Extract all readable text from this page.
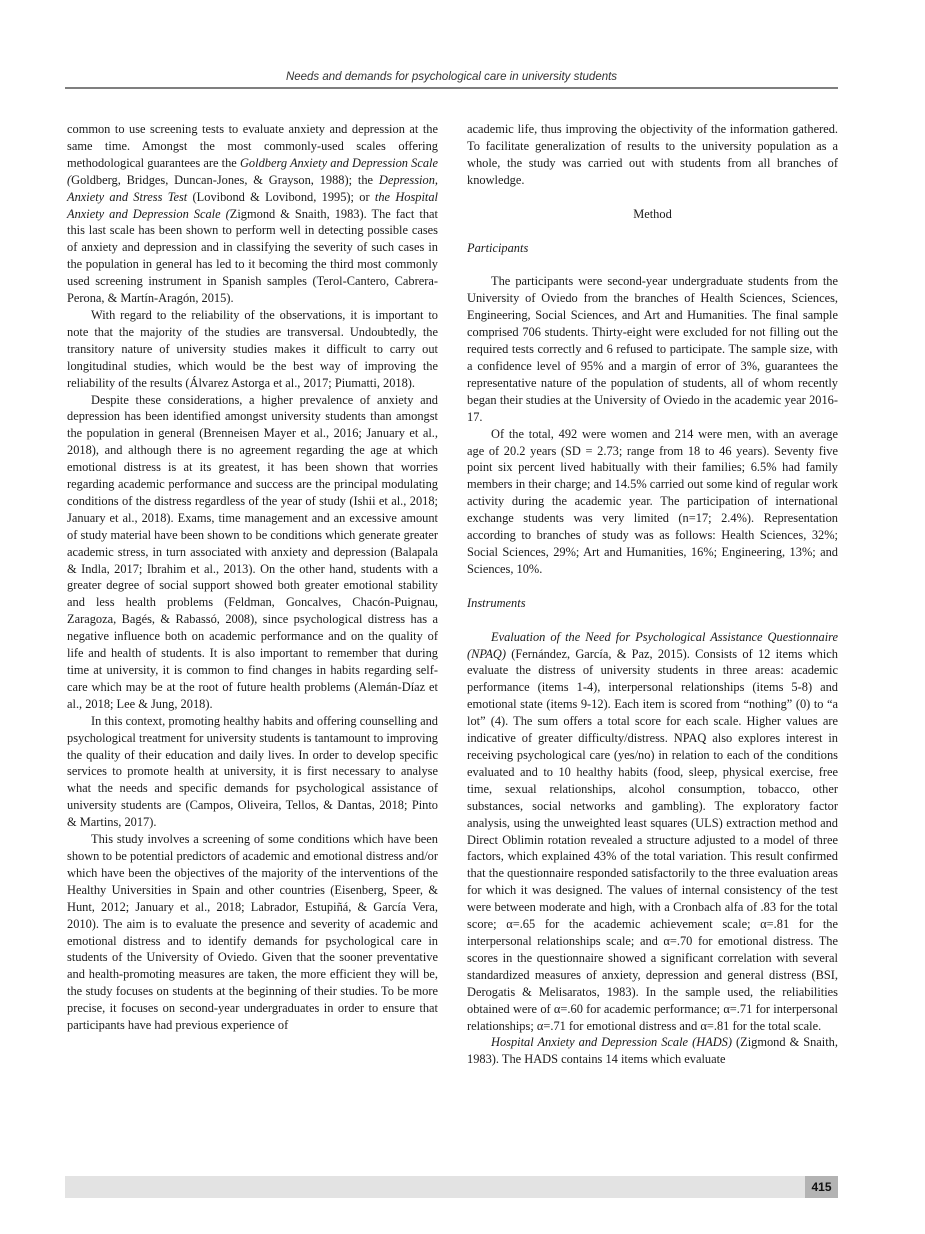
Needs and demands for psychological care in university students

common to use screening tests to evaluate anxiety and depression at the same time. Amongst the most commonly-used scales offering methodological guarantees are the Goldberg Anxiety and Depression Scale (Goldberg, Bridges, Duncan-Jones, & Grayson, 1988); the Depression, Anxiety and Stress Test (Lovibond & Lovibond, 1995); or the Hospital Anxiety and Depression Scale (Zigmond & Snaith, 1983). The fact that this last scale has been shown to perform well in detecting possible cases of anxiety and depression and in classifying the severity of such cases in the population in general has led to it becoming the third most commonly used screening instrument in Spanish samples (Terol-Cantero, Cabrera-Perona, & Martín-Aragón, 2015).

With regard to the reliability of the observations, it is important to note that the majority of the studies are transversal. Undoubtedly, the transitory nature of university studies makes it difficult to carry out longitudinal studies, which would be the best way of improving the reliability of the results (Álvarez Astorga et al., 2017; Piumatti, 2018).

Despite these considerations, a higher prevalence of anxiety and depression has been identified amongst university students than amongst the population in general (Brenneisen Mayer et al., 2016; January et al., 2018), and although there is no agreement regarding the age at which emotional distress is at its greatest, it has been shown that worries regarding academic performance and success are the principal modulating conditions of the distress regardless of the year of study (Ishii et al., 2018; January et al., 2018). Exams, time management and an excessive amount of study material have been shown to be conditions which generate greater academic stress, in turn associated with anxiety and depression (Balapala & Indla, 2017; Ibrahim et al., 2013). On the other hand, students with a greater degree of social support showed both greater emotional stability and less health problems (Feldman, Goncalves, Chacón-Puignau, Zaragoza, Bagés, & Rabassó, 2008), since psychological distress has a negative influence both on academic performance and on the quality of life and health of students. It is also important to remember that during time at university, it is common to find changes in habits regarding self-care which may be at the root of future health problems (Alemán-Díaz et al., 2018; Lee & Jung, 2018).

In this context, promoting healthy habits and offering counselling and psychological treatment for university students is tantamount to improving the quality of their education and daily lives. In order to develop specific services to promote health at university, it is first necessary to analyse what the needs and specific demands for psychological assistance of university students are (Campos, Oliveira, Tellos, & Dantas, 2018; Pinto & Martins, 2017).

This study involves a screening of some conditions which have been shown to be potential predictors of academic and emotional distress and/or which have been the objectives of the majority of the interventions of the Healthy Universities in Spain and other countries (Eisenberg, Speer, & Hunt, 2012; January et al., 2018; Labrador, Estupiñá, & García Vera, 2010). The aim is to evaluate the presence and severity of academic and emotional distress and to identify demands for psychological care in students of the University of Oviedo. Given that the sooner preventative and health-promoting measures are taken, the more efficient they will be, the study focuses on students at the beginning of their studies. To be more precise, it focuses on second-year undergraduates in order to ensure that participants have had previous experience of

academic life, thus improving the objectivity of the information gathered. To facilitate generalization of results to the university population as a whole, the study was carried out with students from all branches of knowledge.

Method

Participants

The participants were second-year undergraduate students from the University of Oviedo from the branches of Health Sciences, Sciences, Engineering, Social Sciences, and Art and Humanities. The final sample comprised 706 students. Thirty-eight were excluded for not filling out the required tests correctly and 6 refused to participate. The sample size, with a confidence level of 95% and a margin of error of 3%, guarantees the representative nature of the population of students, all of whom recently began their studies at the University of Oviedo in the academic year 2016-17.

Of the total, 492 were women and 214 were men, with an average age of 20.2 years (SD = 2.73; range from 18 to 46 years). Seventy five point six percent lived habitually with their families; 6.5% had family members in their charge; and 14.5% carried out some kind of regular work activity during the academic year. The participation of international exchange students was very limited (n=17; 2.4%). Representation according to branches of study was as follows: Health Sciences, 32%; Social Sciences, 29%; Art and Humanities, 16%; Engineering, 13%; and Sciences, 10%.

Instruments

Evaluation of the Need for Psychological Assistance Questionnaire (NPAQ) (Fernández, García, & Paz, 2015). Consists of 12 items which evaluate the distress of university students in three areas: academic performance (items 1-4), interpersonal relationships (items 5-8) and emotional state (items 9-12). Each item is scored from “nothing” (0) to “a lot” (4). The sum offers a total score for each scale. Higher values are indicative of greater difficulty/distress. NPAQ also explores interest in receiving psychological care (yes/no) in relation to each of the conditions evaluated and to 10 healthy habits (food, sleep, physical exercise, free time, sexual relationships, alcohol consumption, tobacco, other substances, social networks and gambling). The exploratory factor analysis, using the unweighted least squares (ULS) extraction method and Direct Oblimin rotation revealed a structure adjusted to a model of three factors, which explained 43% of the total variation. This result confirmed that the questionnaire responded satisfactorily to the three evaluation areas for which it was designed. The values of internal consistency of the test were between moderate and high, with a Cronbach alfa of .83 for the total score; α=.65 for the academic achievement scale; α=.81 for the interpersonal relationships scale; and α=.70 for emotional distress. The scores in the questionnaire showed a significant correlation with several standardized measures of anxiety, depression and general distress (BSI, Derogatis & Melisaratos, 1983). In the sample used, the reliabilities obtained were of α=.60 for academic performance; α=.71 for interpersonal relationships; α=.71 for emotional distress and α=.81 for the total scale.

Hospital Anxiety and Depression Scale (HADS) (Zigmond & Snaith, 1983). The HADS contains 14 items which evaluate

415
